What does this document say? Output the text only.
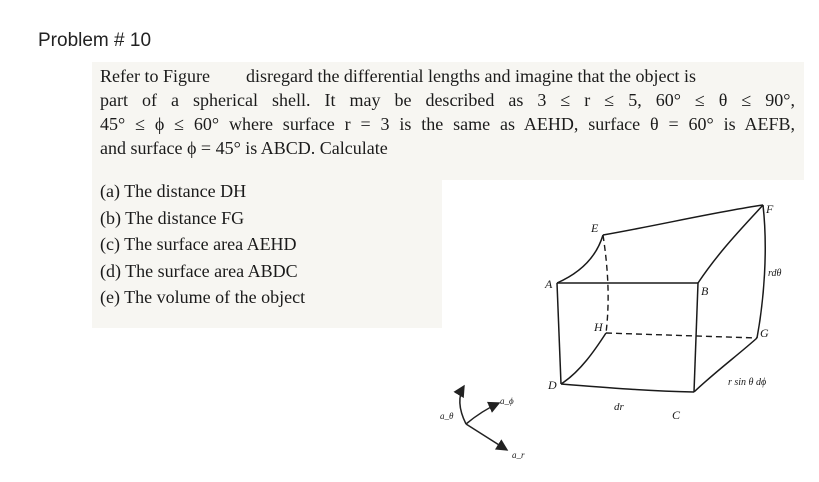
Problem # 10
Refer to Figure        disregard the differential lengths and imagine that the object is
part of a spherical shell. It may be described as 3 ≤ r ≤ 5, 60° ≤ θ ≤ 90°,
45° ≤ ϕ ≤ 60° where surface r = 3 is the same as AEHD, surface θ = 60° is AEFB,
and surface ϕ = 45° is ABCD. Calculate
(a) The distance DH
(b) The distance FG
(c) The surface area AEHD
(d) The surface area ABDC
(e) The volume of the object
E
F
A	B
H	G
D
C
rdθ
r sin θ dϕ
dr
a_θ
a_ϕ
a_r
